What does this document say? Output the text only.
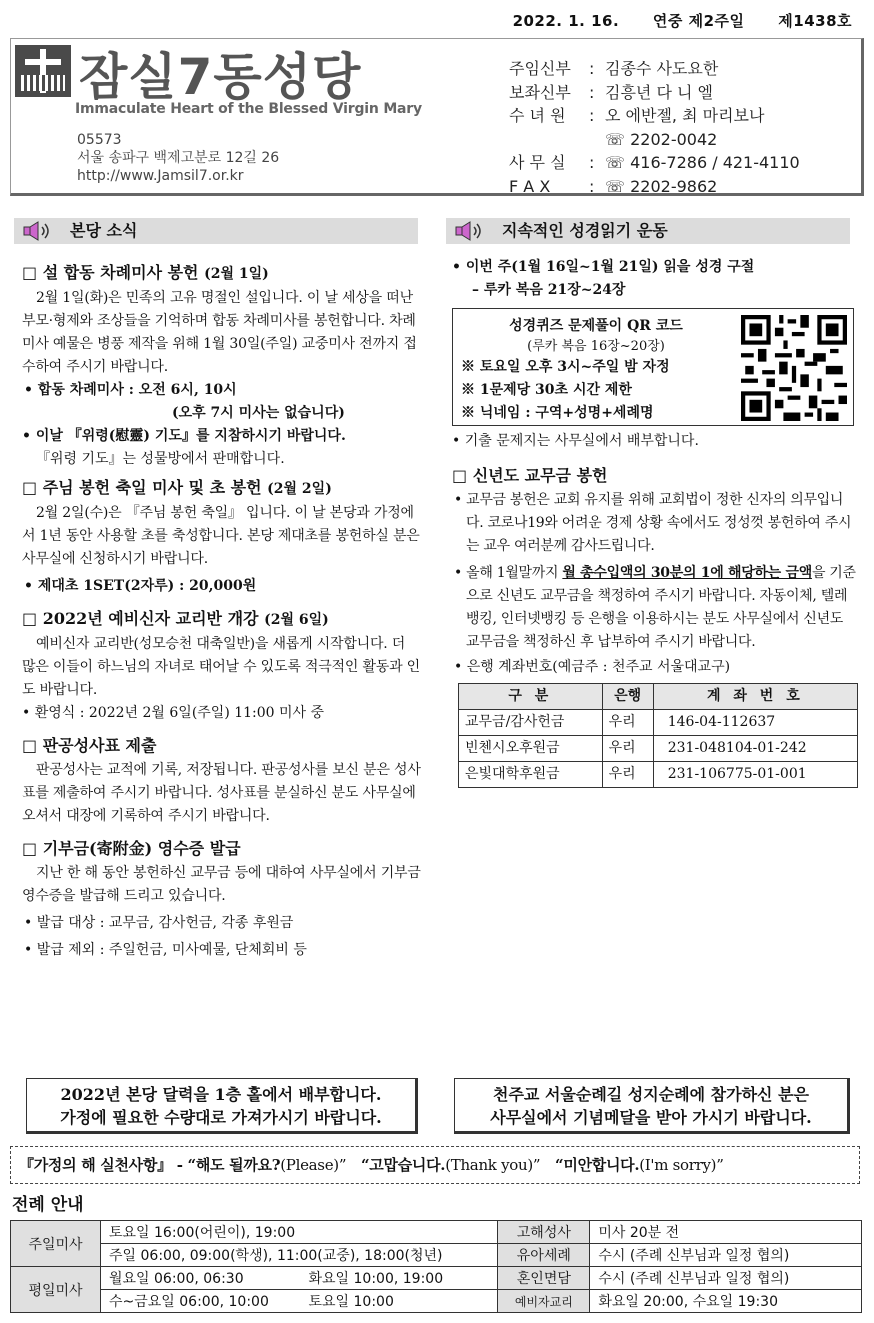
2022. 1. 16. 연중 제2주일 제1438호
잠실7동성당
Immaculate Heart of the Blessed Virgin Mary
05573
서울 송파구 백제고분로 12길 26
http://www.Jamsil7.or.kr
주임신부	: 김종수 사도요한
보좌신부	: 김흥년 다 니 엘
수 녀 원	: 오 에반젤, 최 마리보나
☏ 2202-0042
사 무 실	: ☏ 416-7286 / 421-4110
F A X	: ☏ 2202-9862
본당 소식
□ 설 합동 차례미사 봉헌 (2월 1일)

2월 1일(화)은 민족의 고유 명절인 설입니다. 이 날 세상을 떠난 부모·형제와 조상들을 기억하며 합동 차례미사를 봉헌합니다. 차례미사 예물은 병풍 제작을 위해 1월 30일(주일) 교중미사 전까지 접수하여 주시기 바랍니다.

• 합동 차례미사 : 오전 6시, 10시

(오후 7시 미사는 없습니다)

• 이날 『위령(慰靈) 기도』를 지참하시기 바랍니다.

『위령 기도』는 성물방에서 판매합니다.

□ 주님 봉헌 축일 미사 및 초 봉헌 (2월 2일)

2월 2일(수)은 『주님 봉헌 축일』 입니다. 이 날 본당과 가정에서 1년 동안 사용할 초를 축성합니다. 본당 제대초를 봉헌하실 분은 사무실에 신청하시기 바랍니다.

• 제대초 1SET(2자루) : 20,000원

□ 2022년 예비신자 교리반 개강 (2월 6일)

예비신자 교리반(성모승천 대축일반)을 새롭게 시작합니다. 더 많은 이들이 하느님의 자녀로 태어날 수 있도록 적극적인 활동과 인도 바랍니다.

• 환영식 : 2022년 2월 6일(주일) 11:00 미사 중

□ 판공성사표 제출

판공성사는 교적에 기록, 저장됩니다. 판공성사를 보신 분은 성사표를 제출하여 주시기 바랍니다. 성사표를 분실하신 분도 사무실에 오셔서 대장에 기록하여 주시기 바랍니다.

□ 기부금(寄附金) 영수증 발급

지난 한 해 동안 봉헌하신 교무금 등에 대하여 사무실에서 기부금 영수증을 발급해 드리고 있습니다.

• 발급 대상 : 교무금, 감사헌금, 각종 후원금

• 발급 제외 : 주일헌금, 미사예물, 단체회비 등

지속적인 성경읽기 운동

• 이번 주(1월 16일~1월 21일) 읽을 성경 구절

– 루카 복음 21장~24장

성경퀴즈 문제풀이 QR 코드
(루카 복음 16장~20장)
※ 토요일 오후 3시~주일 밤 자정
※ 1문제당 30초 시간 제한
※ 닉네임 : 구역+성명+세례명

• 기출 문제지는 사무실에서 배부합니다.

□ 신년도 교무금 봉헌

• 교무금 봉헌은 교회 유지를 위해 교회법이 정한 신자의 의무입니다. 코로나19와 어려운 경제 상황 속에서도 정성껏 봉헌하여 주시는 교우 여러분께 감사드립니다.

• 올해 1월말까지 월 총수입액의 30분의 1에 해당하는 금액을 기준으로 신년도 교무금을 책정하여 주시기 바랍니다. 자동이체, 텔레뱅킹, 인터넷뱅킹 등 은행을 이용하시는 분도 사무실에서 신년도 교무금을 책정하신 후 납부하여 주시기 바랍니다.

• 은행 계좌번호(예금주 : 천주교 서울대교구)

구 분	은행	계 좌 번 호
교무금/감사헌금	우리	146-04-112637
빈첸시오후원금	우리	231-048104-01-242
은빛대학후원금	우리	231-106775-01-001
2022년 본당 달력을 1층 홀에서 배부합니다.
가정에 필요한 수량대로 가져가시기 바랍니다.
천주교 서울순례길 성지순례에 참가하신 분은
사무실에서 기념메달을 받아 가시기 바랍니다.
『가정의 해 실천사항』 - “해도 될까요?(Please)” “고맙습니다.(Thank you)” “미안합니다.(I'm sorry)”
전례 안내
주일미사	토요일 16:00(어린이), 19:00		고해성사	미사 20분 전
	주일 06:00, 09:00(학생), 11:00(교중), 18:00(청년)		유아세례	수시 (주례 신부님과 일정 협의)
평일미사	월요일 06:00, 06:30	화요일 10:00, 19:00	혼인면담	수시 (주례 신부님과 일정 협의)
	수~금요일 06:00, 10:00	토요일 10:00	예비자교리	화요일 20:00, 수요일 19:30
